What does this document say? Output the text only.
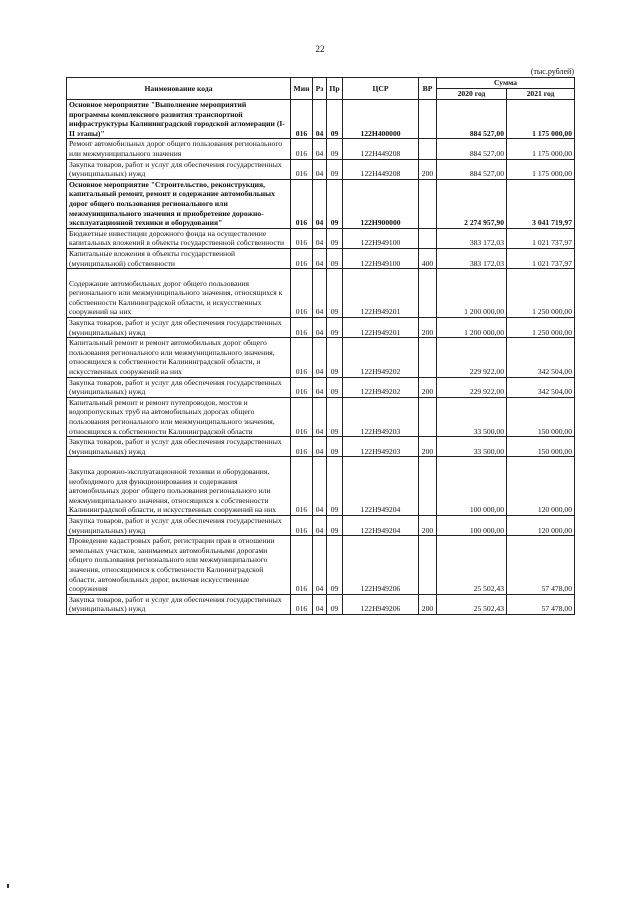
22
(тыс.рублей)
Наименование кода	Мин	Рз	Пр	ЦСР	ВР	Сумма	
						2020 год	2021 год
Основное мероприятие "Выполнение мероприятий программы комплексного развития транспортной инфраструктуры Калининградской городской агломерации (I-II этапы)"	016	04	09	122Н400000		884 527,00	1 175 000,00
Ремонт автомобильных дорог общего пользования регионального или межмуниципального значения	016	04	09	122Н449208		884 527,00	1 175 000,00
Закупка товаров, работ и услуг для обеспечения государственных (муниципальных) нужд	016	04	09	122Н449208	200	884 527,00	1 175 000,00
Основное мероприятие "Строительство, реконструкция, капитальный ремонт, ремонт и содержание автомобильных дорог общего пользования регионального или межмуниципального значения и приобретение дорожно-эксплуатационной техники и оборудования"	016	04	09	122Н900000		2 274 957,90	3 041 719,97
Бюджетные инвестиции дорожного фонда на осуществление капитальных вложений в объекты государственной собственности	016	04	09	122Н949100		383 172,03	1 021 737,97
Капитальные вложения в объекты государственной (муниципальной) собственности	016	04	09	122Н949100	400	383 172,03	1 021 737,97

Содержание автомобильных дорог общего пользования регионального или межмуниципального значения, относящихся к собственности Калининградской области, и искусственных сооружений на них	016	04	09	122Н949201		1 200 000,00	1 250 000,00
Закупка товаров, работ и услуг для обеспечения государственных (муниципальных) нужд	016	04	09	122Н949201	200	1 200 000,00	1 250 000,00
Капитальный ремонт и ремонт автомобильных дорог общего пользования регионального или межмуниципального значения, относящихся к собственности Калининградской области, и искусственных сооружений на них	016	04	09	122Н949202		229 922,00	342 504,00
Закупка товаров, работ и услуг для обеспечения государственных (муниципальных) нужд	016	04	09	122Н949202	200	229 922,00	342 504,00
Капитальный ремонт и ремонт путепроводов, мостов и водопропускных труб на автомобильных дорогах общего пользования регионального или межмуниципального значения, относящихся к собственности Калининградской области	016	04	09	122Н949203		33 500,00	150 000,00
Закупка товаров, работ и услуг для обеспечения государственных (муниципальных) нужд	016	04	09	122Н949203	200	33 500,00	150 000,00

Закупка дорожно-эксплуатационной техники и оборудования, необходимого для функционирования и содержания автомобильных дорог общего пользования регионального или межмуниципального значения, относящихся к собственности Калининградской области, и искусственных сооружений на них	016	04	09	122Н949204		100 000,00	120 000,00
Закупка товаров, работ и услуг для обеспечения государственных (муниципальных) нужд	016	04	09	122Н949204	200	100 000,00	120 000,00
Проведение кадастровых работ, регистрации прав в отношении земельных участков, занимаемых автомобильными дорогами общего пользования регионального или межмуниципального значения, относящимися к собственности Калининградской области, автомобильных дорог, включая искусственные сооружения	016	04	09	122Н949206		25 502,43	57 478,00
Закупка товаров, работ и услуг для обеспечения государственных (муниципальных) нужд	016	04	09	122Н949206	200	25 502,43	57 478,00
